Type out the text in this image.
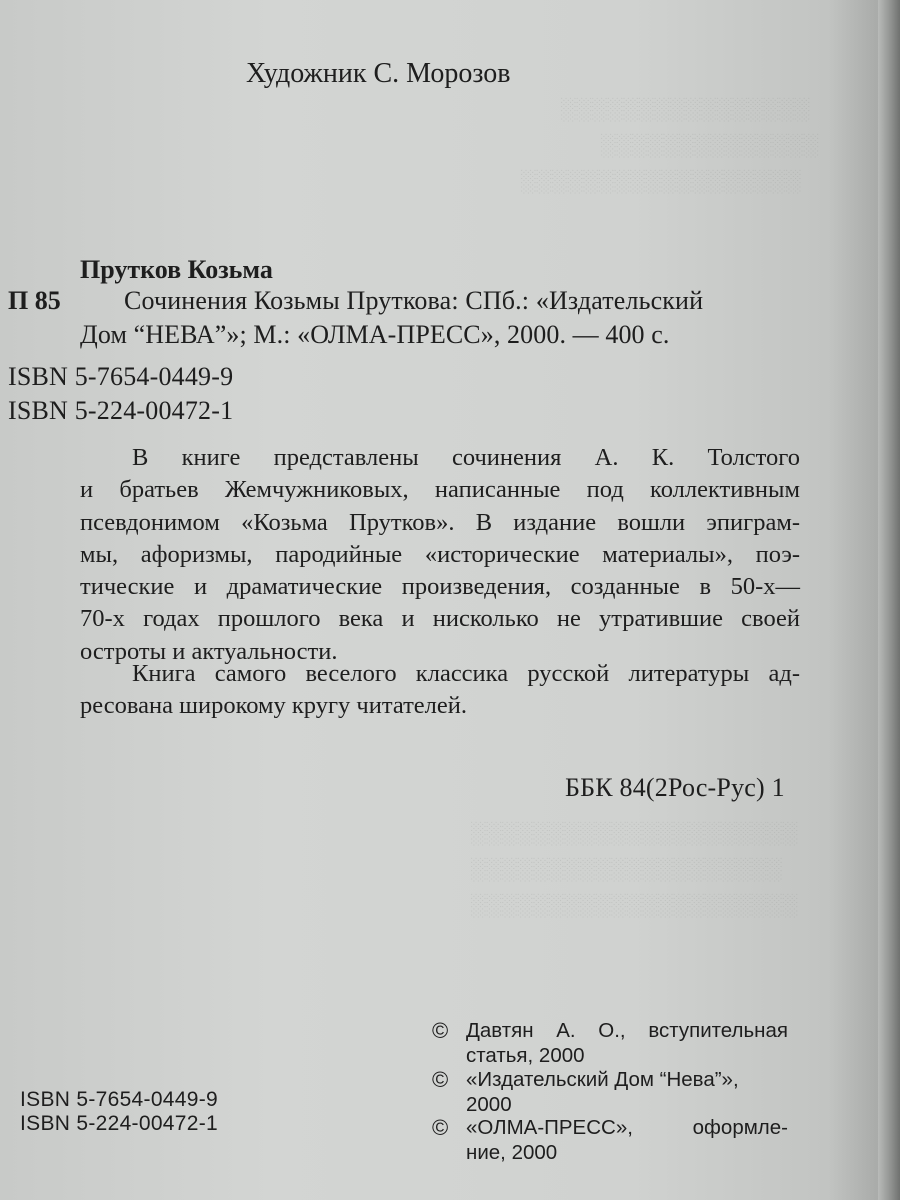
░░░░░░░░░░░░░░░░
░░░░░░░░░░░░░░
░░░░░░░░░░░░░░░░░░
░░░░░░░░░░░░░░░░░░░░░
░░░░░░░░░░░░░░░░░░░░
░░░░░░░░░░░░░░░░░░░░░
Художник С. Морозов
Прутков Козьма
П 85 Сочинения Козьмы Пруткова: СПб.: «Издательский
Дом “НЕВА”»; М.: «ОЛМА-ПРЕСС», 2000. — 400 с.
ISBN 5-7654-0449-9
ISBN 5-224-00472-1
В книге представлены сочинения А. К. Толстого
и братьев Жемчужниковых, написанные под коллективным
псевдонимом «Козьма Прутков». В издание вошли эпиграм-
мы, афоризмы, пародийные «исторические материалы», поэ-
тические и драматические произведения, созданные в 50-х—
70-х годах прошлого века и нисколько не утратившие своей
остроты и актуальности.
Книга самого веселого классика русской литературы ад-
ресована широкому кругу читателей.
ББК 84(2Рос-Рус) 1
ISBN 5-7654-0449-9
ISBN 5-224-00472-1
© Давтян А. О., вступительная
статья, 2000
© «Издательский Дом “Нева”»,
2000
© «ОЛМА-ПРЕСС», оформле-
ние, 2000
